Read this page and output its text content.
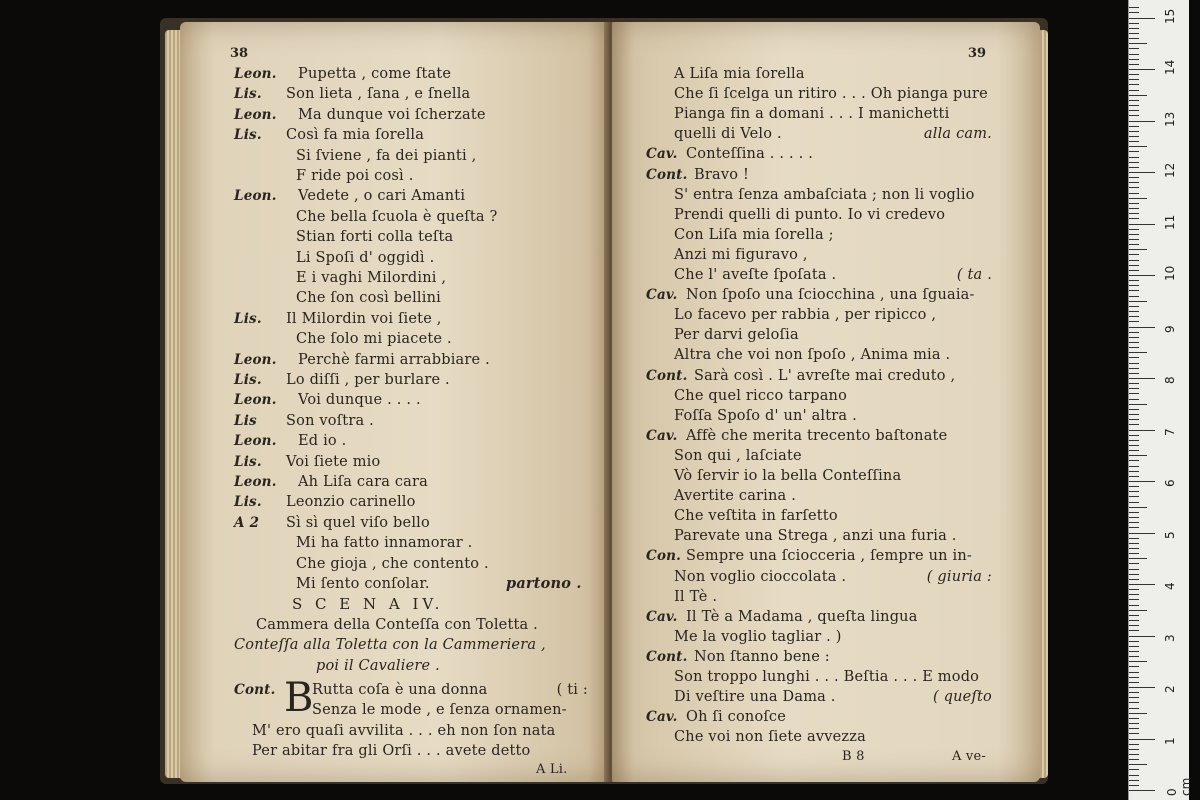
38
Leon. Pupetta , come ſtate
Lis. Son lieta , ſana , e ſnella
Leon. Ma dunque voi ſcherzate
Lis. Così fa mia ſorella
Si ſviene , fa dei pianti ,
F ride poi così .
Leon. Vedete , o cari Amanti
Che bella ſcuola è queſta ?
Stian forti colla teſta
Li Spoſi d' oggidì .
E i vaghi Milordini ,
Che ſon così bellini
Lis. Il Milordin voi ſiete ,
Che ſolo mi piacete .
Leon. Perchè farmi arrabbiare .
Lis. Lo diſſi , per burlare .
Leon. Voi dunque . . . .
Lis Son voſtra .
Leon. Ed io .
Lis. Voi ſiete mio
Leon. Ah Liſa cara cara
Lis. Leonzio carinello
A 2 Sì sì quel viſo bello
Mi ha fatto innamorar .
Che gioja , che contento .
Mi ſento conſolar.	partono .
S C E N A IV.
Cammera della Conteſſa con Toletta .
Conteſſa alla Toletta con la Cammeriera ,
poi il Cavaliere .
Cont. B
Rutta coſa è una donna	( ti :
Senza le mode , e ſenza ornamen-
M' ero quaſi avvilita . . . eh non ſon nata
Per abitar fra gli Orſi . . . avete detto
A Li.
39
A Liſa mia ſorella
Che ſi ſcelga un ritiro . . . Oh pianga pure
Pianga fin a domani . . . I manichetti
quelli di Velo .	alla cam.
Cav. Conteſſina . . . . .
Cont. Bravo !
S' entra ſenza ambaſciata ; non li voglio
Prendi quelli di punto. Io vi credevo
Con Liſa mia ſorella ;
Anzi mi figuravo ,
Che l' aveſte ſpoſata .	( ta .
Cav. Non ſpoſo una ſciocchina , una ſguaia-
Lo facevo per rabbia , per ripicco ,
Per darvi geloſia
Altra che voi non ſpoſo , Anima mia .
Cont. Sarà così . L' avreſte mai creduto ,
Che quel ricco tarpano
Foſſa Spoſo d' un' altra .
Cav. Affè che merita trecento baſtonate
Son qui , laſciate
Vò ſervir io la bella Conteſſina
Avertite carina .
Che veſtita in farſetto
Parevate una Strega , anzi una furia .
Con. Sempre una ſciocceria , ſempre un in-
Non voglio cioccolata .	( giuria :
Il Tè .
Cav. Il Tè a Madama , queſta lingua
Me la voglio tagliar . )
Cont. Non ſtanno bene :
Son troppo lunghi . . . Beſtia . . . E modo
Di veſtire una Dama .	( queſto
Cav. Oh ſi conoſce
Che voi non ſiete avvezza
B 8	A ve-
0 cm
1
2
3
4
5
6
7
8
9
10
11
12
13
14
15
